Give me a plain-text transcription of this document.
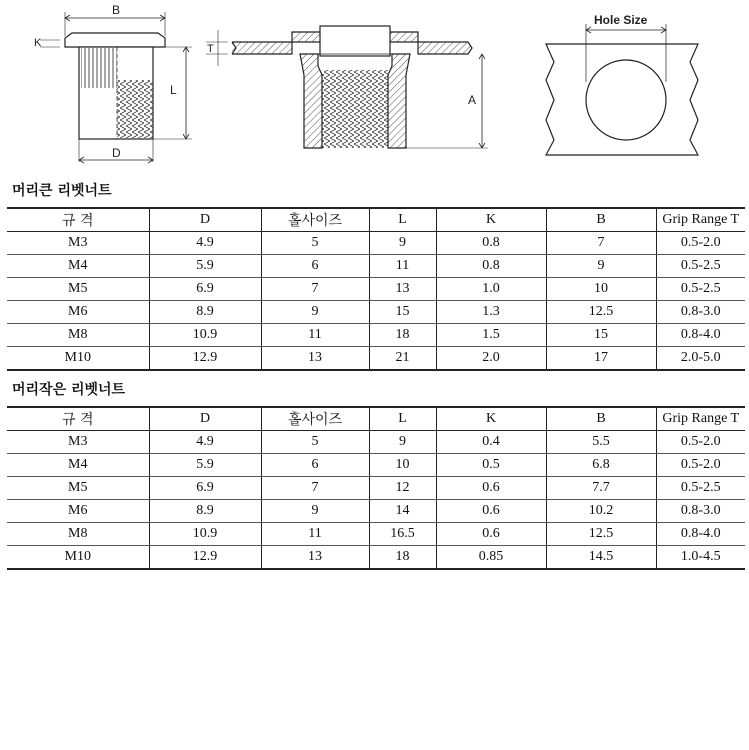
B
K
L
D
T
A
Hole Size
머리큰 리벳너트
규 격	D	홀사이즈	L	K	B	Grip Range T
M3	4.9	5	9	0.8	7	0.5-2.0
M4	5.9	6	11	0.8	9	0.5-2.5
M5	6.9	7	13	1.0	10	0.5-2.5
M6	8.9	9	15	1.3	12.5	0.8-3.0
M8	10.9	11	18	1.5	15	0.8-4.0
M10	12.9	13	21	2.0	17	2.0-5.0
머리작은 리벳너트
규 격	D	홀사이즈	L	K	B	Grip Range T
M3	4.9	5	9	0.4	5.5	0.5-2.0
M4	5.9	6	10	0.5	6.8	0.5-2.0
M5	6.9	7	12	0.6	7.7	0.5-2.5
M6	8.9	9	14	0.6	10.2	0.8-3.0
M8	10.9	11	16.5	0.6	12.5	0.8-4.0
M10	12.9	13	18	0.85	14.5	1.0-4.5
